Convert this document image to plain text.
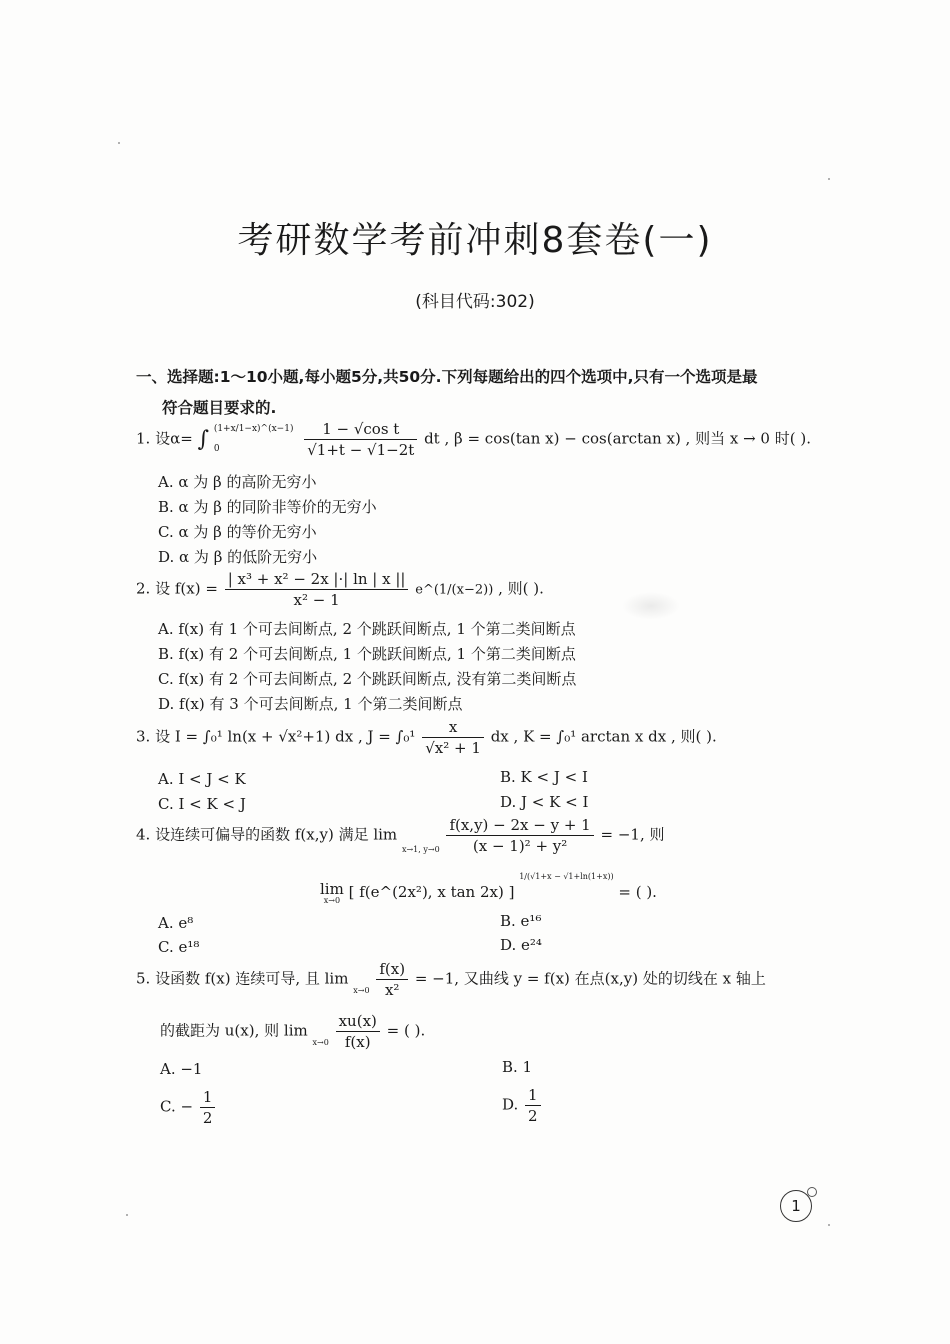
考研数学考前冲刺8套卷(一)
(科目代码:302)
一、选择题:1～10小题,每小题5分,共50分.下列每题给出的四个选项中,只有一个选项是最
符合题目要求的.
1. 设α= ∫ (1+x/1−x)^(x−1)
0
	$\frac{\text{1 − √cos t}}{√1+t - √1-2t}$ dt , β = cos(tan x) − cos(arctan x) , 则当 x → 0 时( ).
A. α 为 β 的高阶无穷小
B. α 为 β 的同阶非等价的无穷小
C. α 为 β 的等价无穷小
D. α 为 β 的低阶无穷小
2. 设 $f(x) = \frac{\text{| x³ + x² − 2x |·| ln | x ||}}{\text{x² − 1}}$ e^(1/(x−2)) , 则( ).
A. f(x) 有 1 个可去间断点, 2 个跳跃间断点, 1 个第二类间断点
B. f(x) 有 2 个可去间断点, 1 个跳跃间断点, 1 个第二类间断点
C. f(x) 有 2 个可去间断点, 2 个跳跃间断点, 没有第二类间断点
D. f(x) 有 3 个可去间断点, 1 个第二类间断点
3. 设 I = ∫₀¹ ln(x + √x²+1) dx , $J = \int_0^1 \frac{x}{\text{√x² + 1}}$ dx , K = ∫₀¹ arctan x dx , 则( ).
A. I < J < K	B. K < J < I
C. I < K < J	D. J < K < I
4. 设连续可偏导的函数 f(x,y) 满足 lim
x→1, y→0
$\frac{f(x,y) - 2x - y + 1}{\text{(x − 1)² + y²}} = -1$, 则
lim
x→0 [ f(e^(2x²), x tan 2x) ] $^{1/(√1+x - √1+ln(1+x))}$ = ( ).
A. e⁸	B. e¹⁶
C. e¹⁸	D. e²⁴
5. 设函数 f(x) 连续可导, 且 lim
x→0
$\frac{f(x)}{\text{x²}} = -1$, 又曲线 y = f(x) 在点(x,y) 处的切线在 x 轴上
的截距为 u(x), 则 lim
x→0
$\frac{xu(x)}{f(x)}$ = ( ).
A. −1	B. 1
C. − $\frac{1}{2}$	D. $\frac{1}{2}$
1
